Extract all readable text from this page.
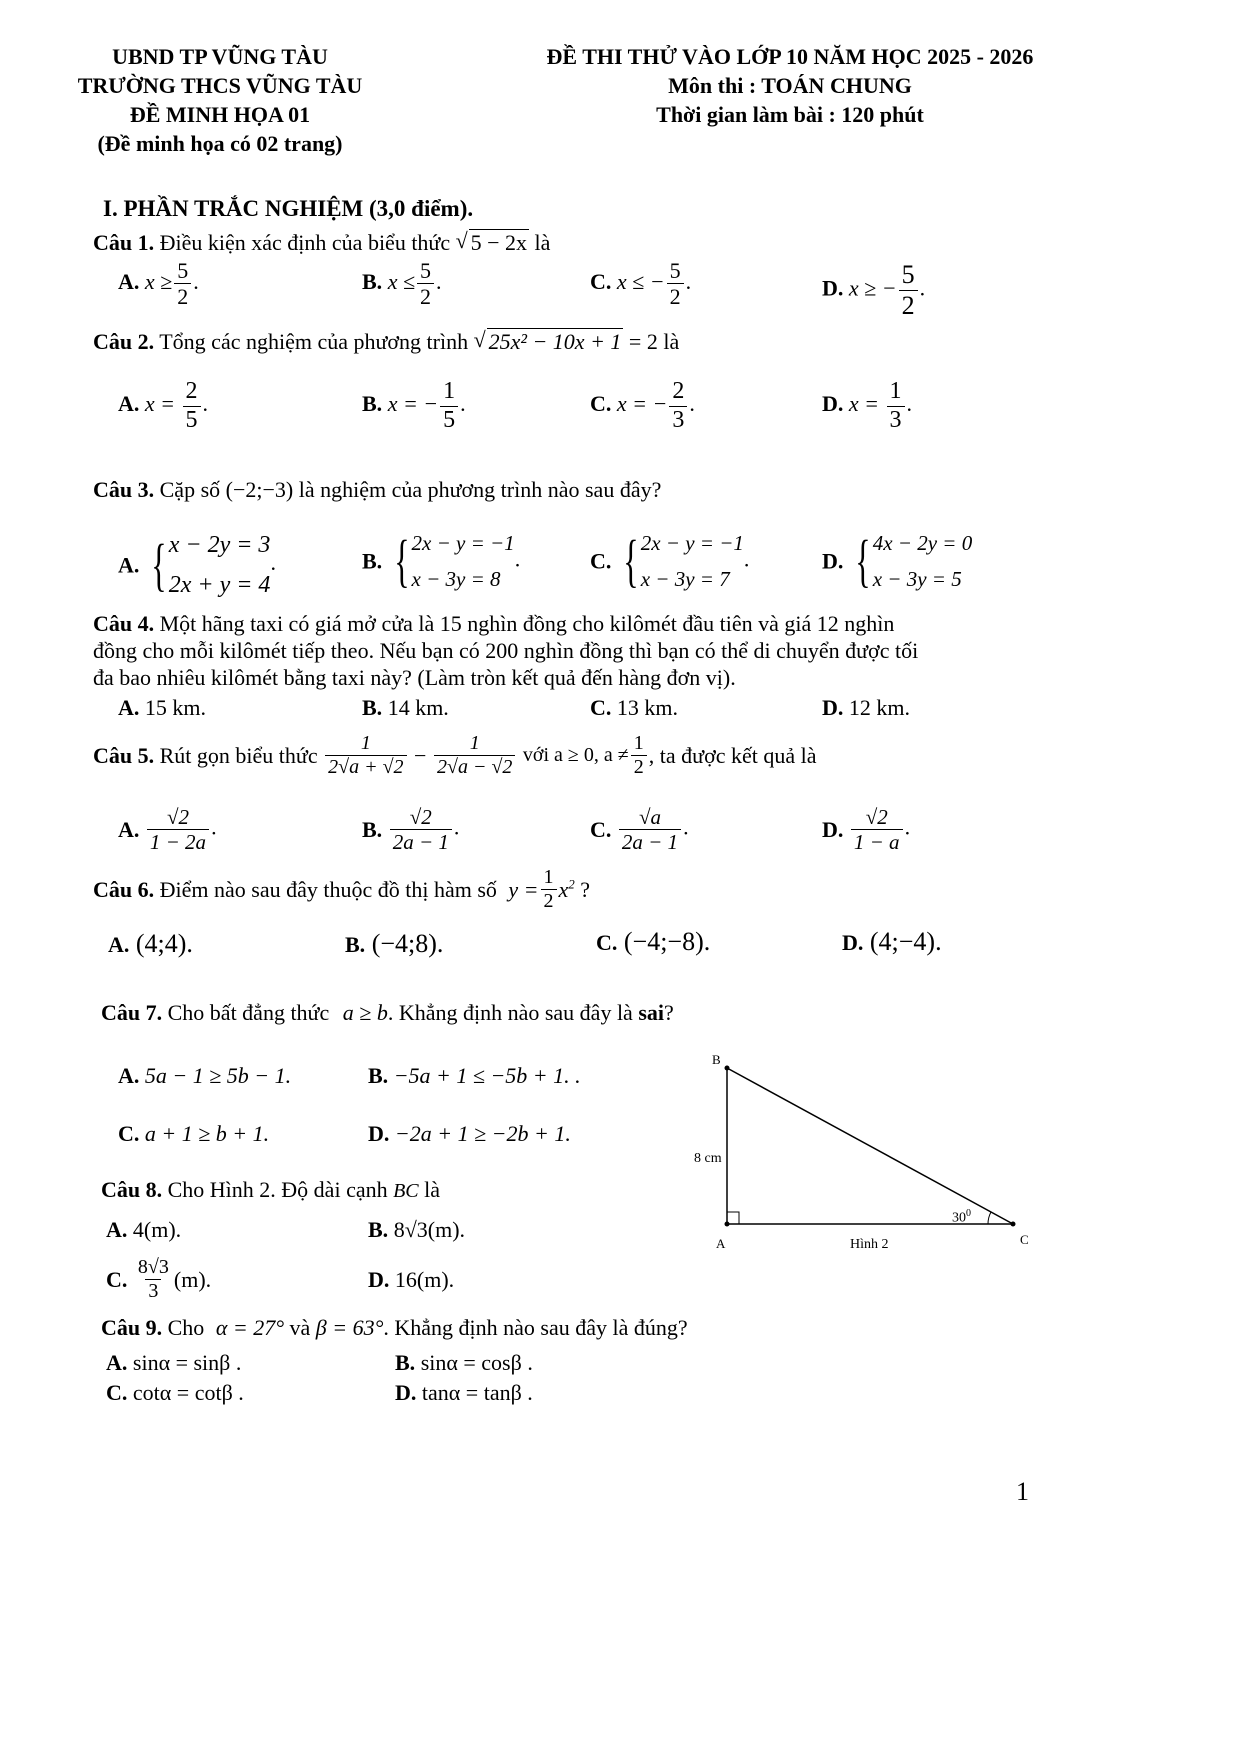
UBND TP VŨNG TÀU
TRƯỜNG THCS VŨNG TÀU
ĐỀ MINH HỌA 01
(Đề minh họa có 02 trang)
ĐỀ THI THỬ VÀO LỚP 10 NĂM HỌC 2025 - 2026
Môn thi : TOÁN CHUNG
Thời gian làm bài : 120 phút
I. PHẦN TRẮC NGHIỆM (3,0 điểm).
Câu 1. Điều kiện xác định của biểu thức √ 5 − 2x là
A. $x \ge \frac{5}{2}$ .	B. $x \le \frac{5}{2}$ .	C. x ≤ − $\frac{5}{2}$ .	D. x ≥ − $\frac{5}{2}$ .
Câu 2. Tổng các nghiệm của phương trình √ 25x² − 10x + 1 = 2 là
A. $x = \frac{2}{5}$ .	B. x = − $\frac{1}{5}$ .	C. x = − $\frac{2}{3}$ .	D. $x = \frac{1}{3}$ .
Câu 3. Cặp số (−2;−3) là nghiệm của phương trình nào sau đây?
A. { x − 2y = 3
2x + y = 4
.	B. { 2x − y = −1
x − 3y = 8
.	C. { 2x − y = −1
x − 3y = 7
.	D. { 4x − 2y = 0
x − 3y = 5
Câu 4. Một hãng taxi có giá mở cửa là 15 nghìn đồng cho kilômét đầu tiên và giá 12 nghìn
đồng cho mỗi kilômét tiếp theo. Nếu bạn có 200 nghìn đồng thì bạn có thể di chuyển được tối
đa bao nhiêu kilômét bằng taxi này? (Làm tròn kết quả đến hàng đơn vị).
A. 15 km.	B. 14 km.	C. 13 km.	D. 12 km.
Câu 5. Rút gọn biểu thức $\frac{1}{2√a + √2} - \frac{1}{2√a - √2}$ với a ≥ 0, $a \ne \frac{1}{2}$ , ta được kết quả là
A. $\frac{√2}{1 - 2a}$ .	B. $\frac{√2}{2a - 1}$ .	C. $\frac{√a}{2a - 1}$ .	D. $\frac{√2}{1 - a}$ .
Câu 6. Điểm nào sau đây thuộc đồ thị hàm số $y = \frac{1}{2} x^2$ ?
A. (4;4).	B. (−4;8).	C. (−4;−8).	D. (4;−4).
Câu 7. Cho bất đẳng thức a ≥ b. Khẳng định nào sau đây là sai?
A. 5a − 1 ≥ 5b − 1.	B. −5a + 1 ≤ −5b + 1. .
C. a + 1 ≥ b + 1.	D. −2a + 1 ≥ −2b + 1.
Câu 8. Cho Hình 2. Độ dài cạnh BC là
A. 4(m).	B. 8√3(m).
C. $\frac{8√3}{3} (m)$.	D. 16(m).
B
A	C
8 cm
$30^0$
Hình 2
Câu 9. Cho α = 27° và β = 63°. Khẳng định nào sau đây là đúng?
A. sinα = sinβ .	B. sinα = cosβ .
C. cotα = cotβ .	D. tanα = tanβ .
1
